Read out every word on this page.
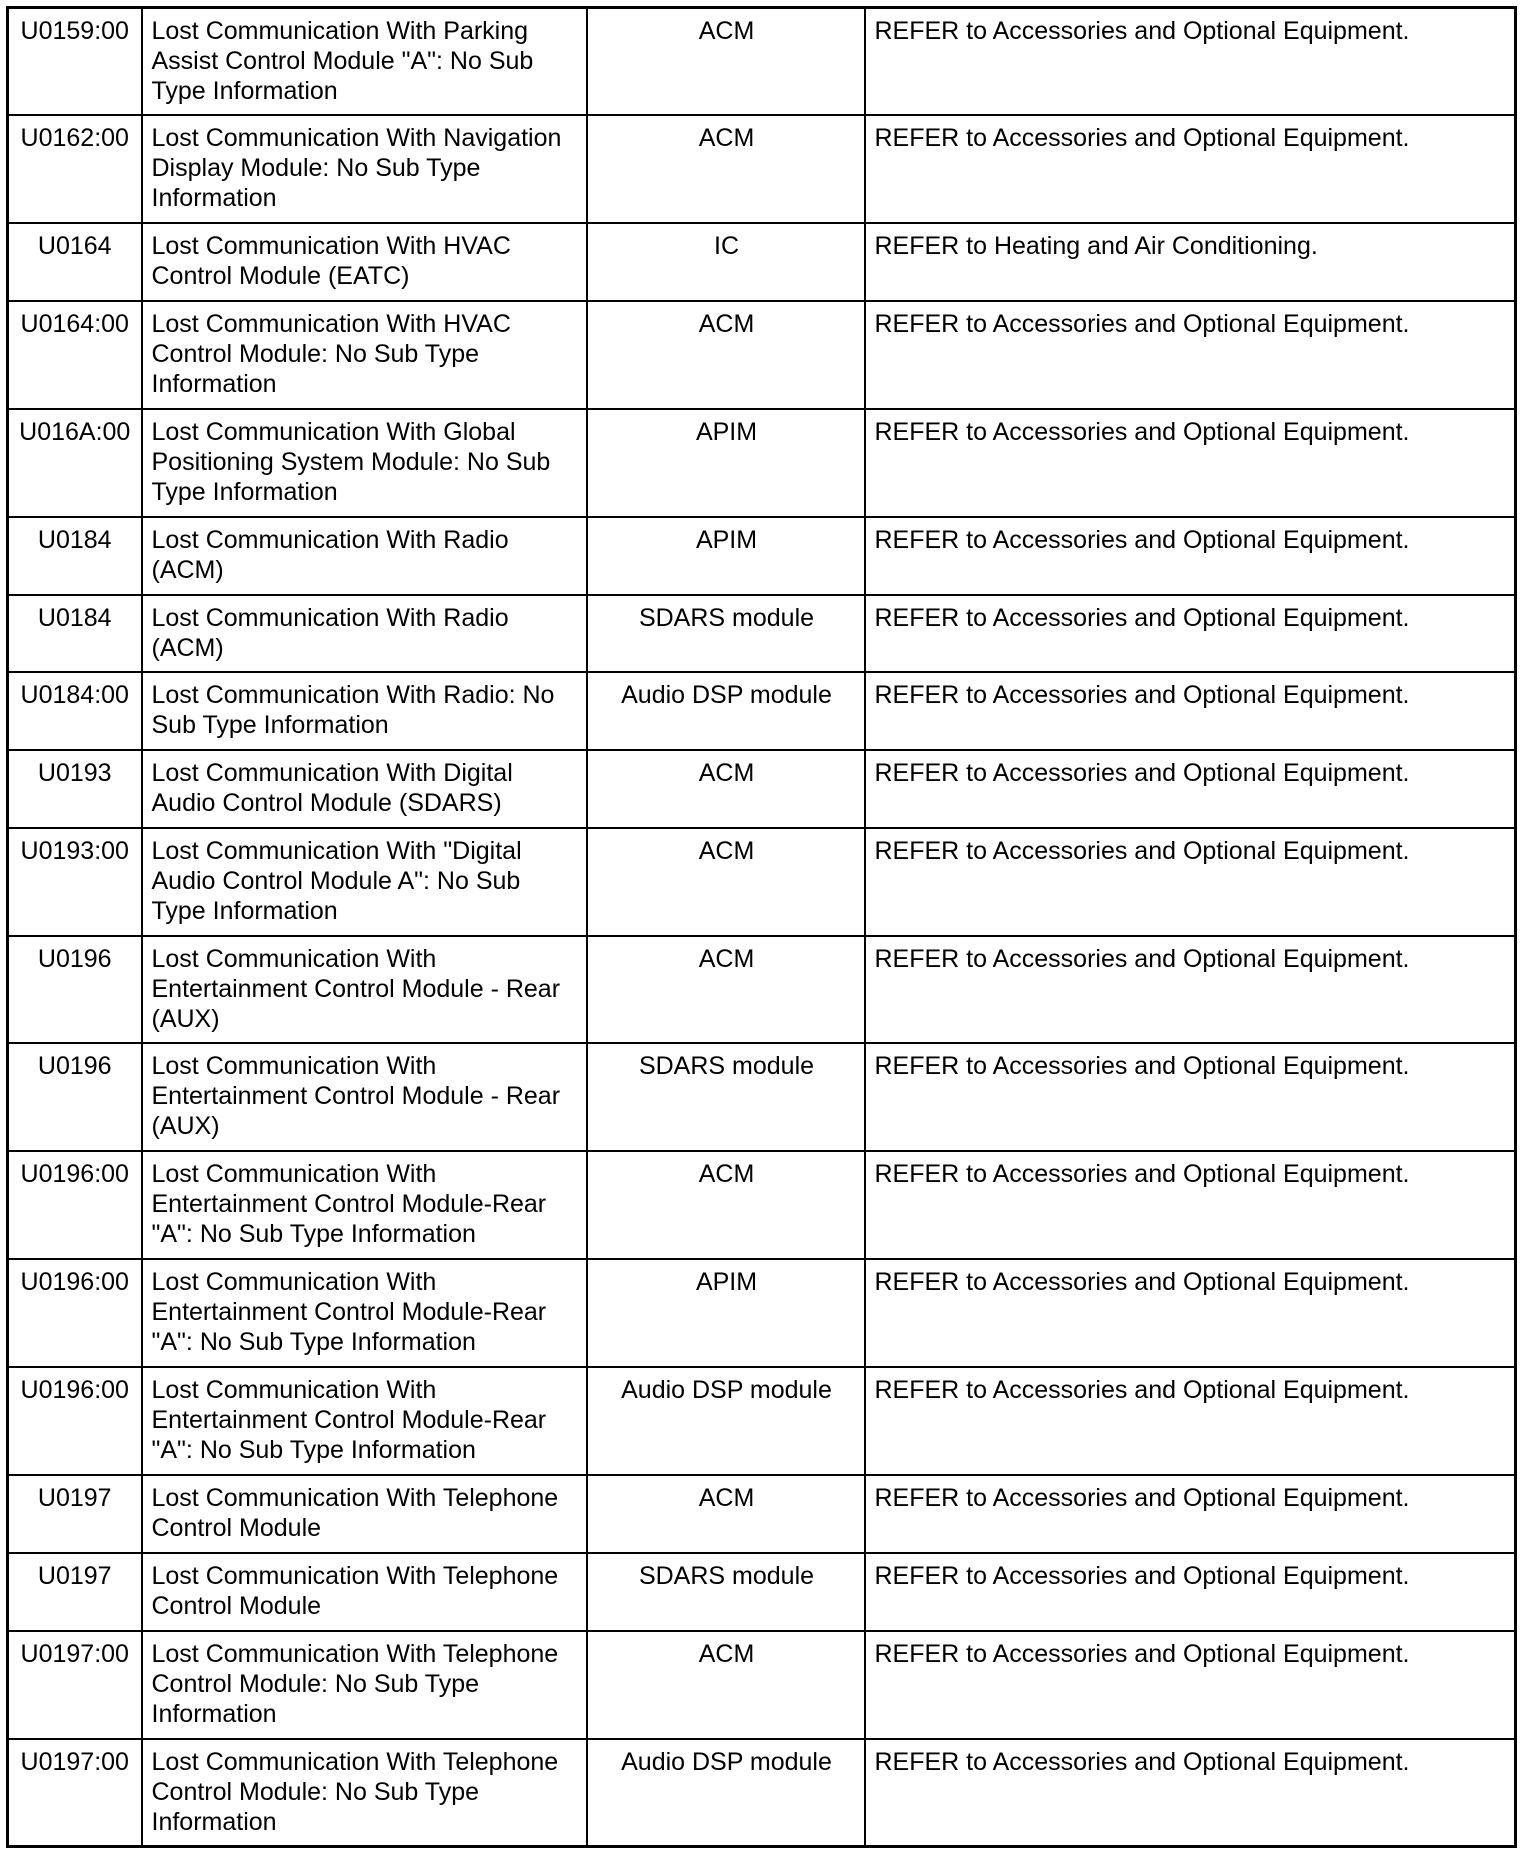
U0159:00	Lost Communication With Parking Assist Control Module "A": No Sub Type Information	ACM	REFER to Accessories and Optional Equipment.
U0162:00	Lost Communication With Navigation Display Module: No Sub Type Information	ACM	REFER to Accessories and Optional Equipment.
U0164	Lost Communication With HVAC Control Module (EATC)	IC	REFER to Heating and Air Conditioning.
U0164:00	Lost Communication With HVAC Control Module: No Sub Type Information	ACM	REFER to Accessories and Optional Equipment.
U016A:00	Lost Communication With Global Positioning System Module: No Sub Type Information	APIM	REFER to Accessories and Optional Equipment.
U0184	Lost Communication With Radio (ACM)	APIM	REFER to Accessories and Optional Equipment.
U0184	Lost Communication With Radio (ACM)	SDARS module	REFER to Accessories and Optional Equipment.
U0184:00	Lost Communication With Radio: No Sub Type Information	Audio DSP module	REFER to Accessories and Optional Equipment.
U0193	Lost Communication With Digital Audio Control Module (SDARS)	ACM	REFER to Accessories and Optional Equipment.
U0193:00	Lost Communication With "Digital Audio Control Module A": No Sub Type Information	ACM	REFER to Accessories and Optional Equipment.
U0196	Lost Communication With Entertainment Control Module - Rear (AUX)	ACM	REFER to Accessories and Optional Equipment.
U0196	Lost Communication With Entertainment Control Module - Rear (AUX)	SDARS module	REFER to Accessories and Optional Equipment.
U0196:00	Lost Communication With Entertainment Control Module-Rear "A": No Sub Type Information	ACM	REFER to Accessories and Optional Equipment.
U0196:00	Lost Communication With Entertainment Control Module-Rear "A": No Sub Type Information	APIM	REFER to Accessories and Optional Equipment.
U0196:00	Lost Communication With Entertainment Control Module-Rear "A": No Sub Type Information	Audio DSP module	REFER to Accessories and Optional Equipment.
U0197	Lost Communication With Telephone Control Module	ACM	REFER to Accessories and Optional Equipment.
U0197	Lost Communication With Telephone Control Module	SDARS module	REFER to Accessories and Optional Equipment.
U0197:00	Lost Communication With Telephone Control Module: No Sub Type Information	ACM	REFER to Accessories and Optional Equipment.
U0197:00	Lost Communication With Telephone Control Module: No Sub Type Information	Audio DSP module	REFER to Accessories and Optional Equipment.
